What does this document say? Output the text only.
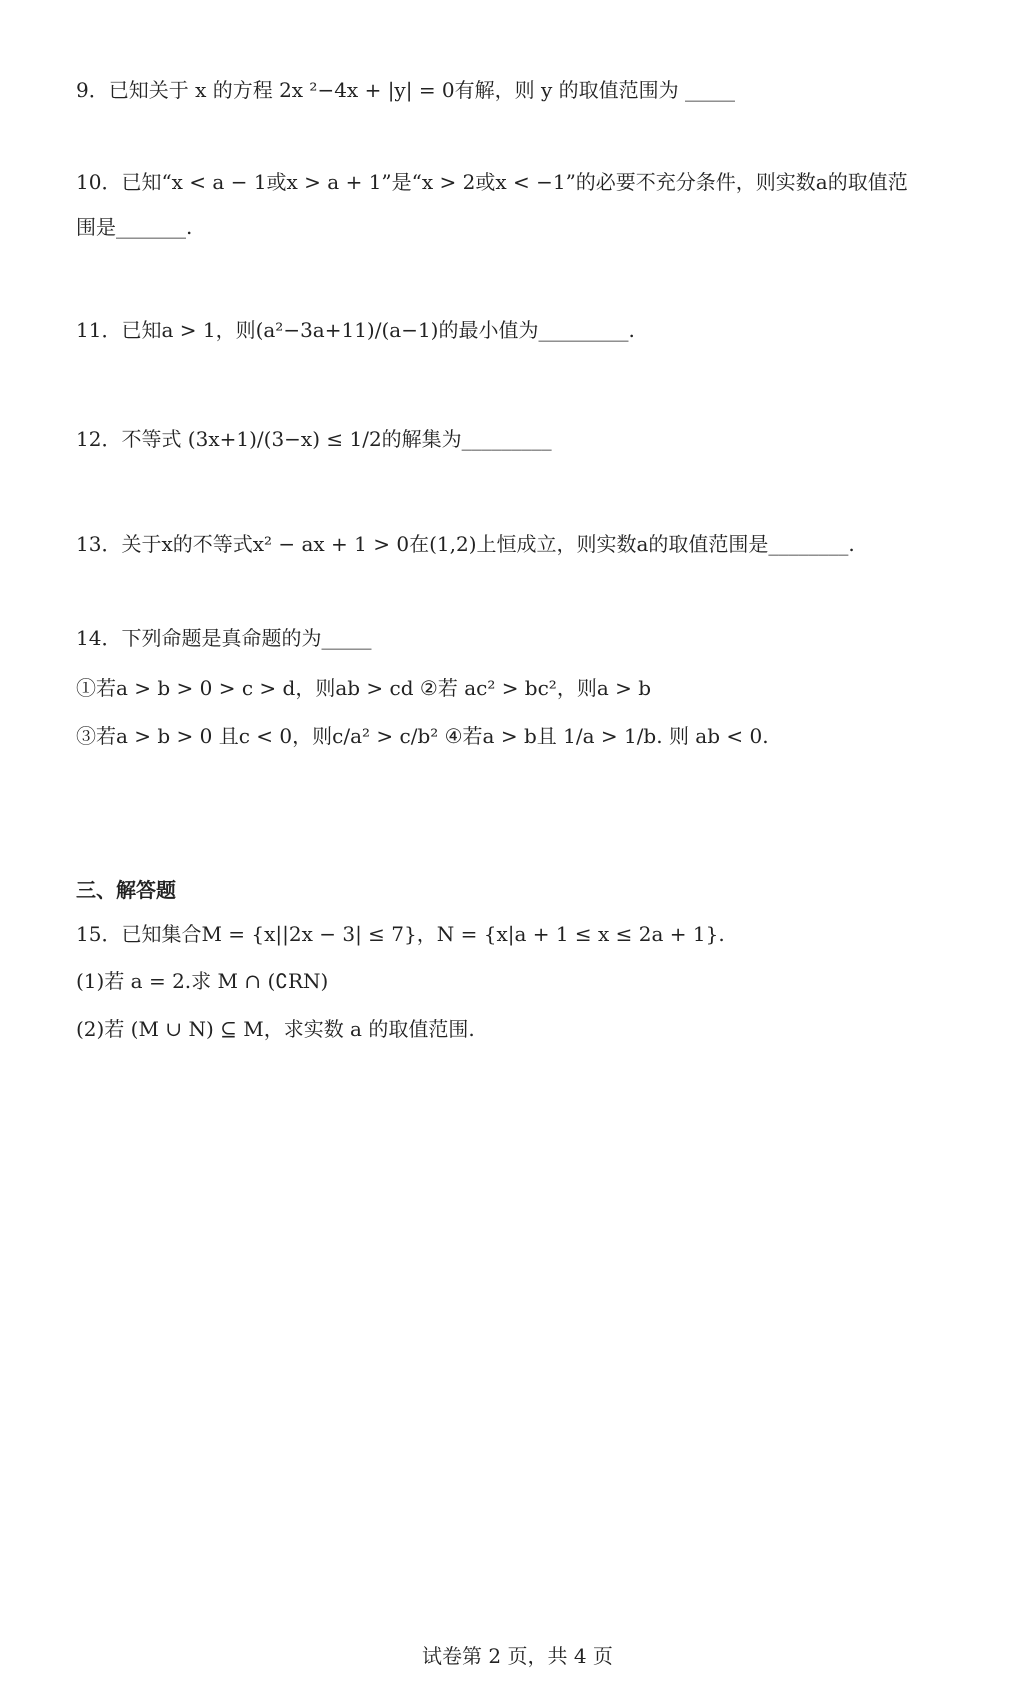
9．已知关于 x 的方程 2x ²−4x + |y| = 0有解，则 y 的取值范围为 _____
10．已知“x < a − 1或x > a + 1”是“x > 2或x < −1”的必要不充分条件，则实数a的取值范
围是_______.
11．已知a > 1，则(a²−3a+11)/(a−1)的最小值为_________.
12．不等式 (3x+1)/(3−x) ≤ 1/2的解集为_________
13．关于x的不等式x² − ax + 1 > 0在(1,2)上恒成立，则实数a的取值范围是________.
14．下列命题是真命题的为_____
①若a > b > 0 > c > d，则ab > cd ②若 ac² > bc²，则a > b
③若a > b > 0 且c < 0，则c/a² > c/b² ④若a > b且 1/a > 1/b. 则 ab < 0.
三、解答题
15．已知集合M = {x||2x − 3| ≤ 7}，N = {x|a + 1 ≤ x ≤ 2a + 1}.
(1)若 a = 2.求 M ∩ (∁RN)
(2)若 (M ∪ N) ⊆ M，求实数 a 的取值范围.
试卷第 2 页，共 4 页
